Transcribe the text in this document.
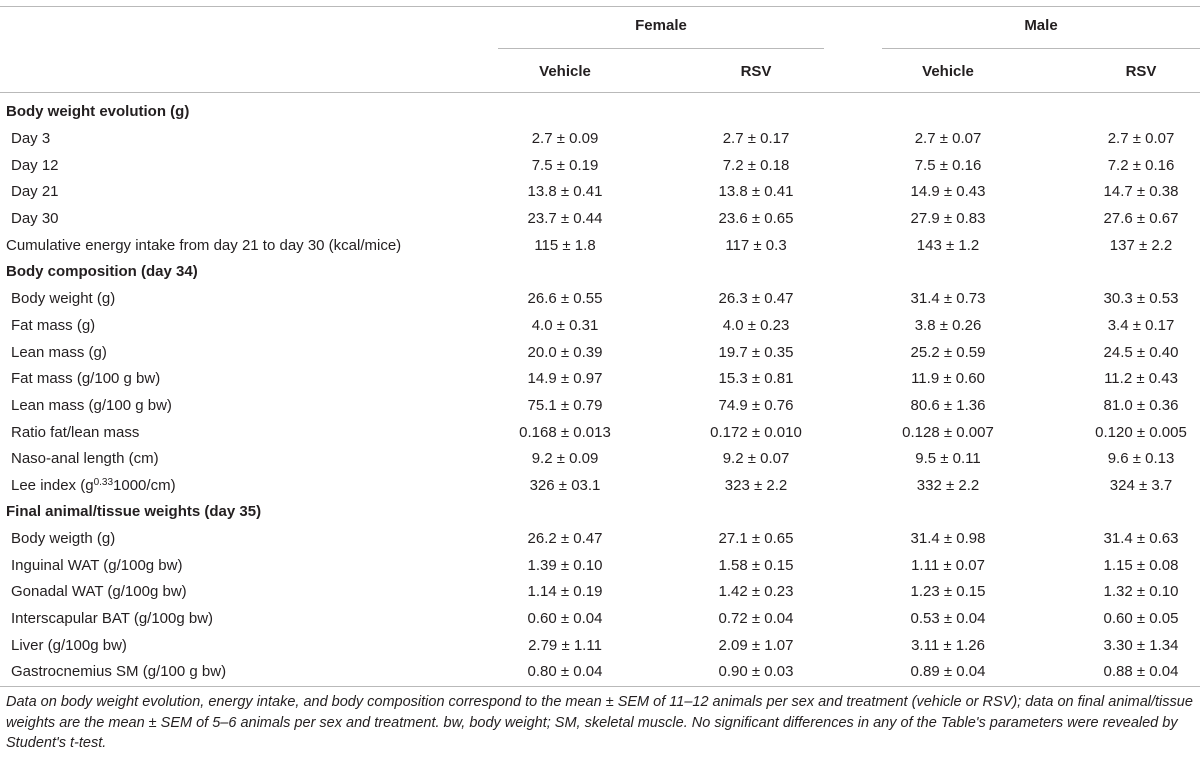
Female	Male
Vehicle	RSV	Vehicle	RSV
Body weight evolution (g)
Day 3	2.7 ± 0.09	2.7 ± 0.17	2.7 ± 0.07	2.7 ± 0.07
Day 12	7.5 ± 0.19	7.2 ± 0.18	7.5 ± 0.16	7.2 ± 0.16
Day 21	13.8 ± 0.41	13.8 ± 0.41	14.9 ± 0.43	14.7 ± 0.38
Day 30	23.7 ± 0.44	23.6 ± 0.65	27.9 ± 0.83	27.6 ± 0.67
Cumulative energy intake from day 21 to day 30 (kcal/mice)	115 ± 1.8	117 ± 0.3	143 ± 1.2	137 ± 2.2
Body composition (day 34)
Body weight (g)	26.6 ± 0.55	26.3 ± 0.47	31.4 ± 0.73	30.3 ± 0.53
Fat mass (g)	4.0 ± 0.31	4.0 ± 0.23	3.8 ± 0.26	3.4 ± 0.17
Lean mass (g)	20.0 ± 0.39	19.7 ± 0.35	25.2 ± 0.59	24.5 ± 0.40
Fat mass (g/100 g bw)	14.9 ± 0.97	15.3 ± 0.81	11.9 ± 0.60	11.2 ± 0.43
Lean mass (g/100 g bw)	75.1 ± 0.79	74.9 ± 0.76	80.6 ± 1.36	81.0 ± 0.36
Ratio fat/lean mass	0.168 ± 0.013	0.172 ± 0.010	0.128 ± 0.007	0.120 ± 0.005
Naso-anal length (cm)	9.2 ± 0.09	9.2 ± 0.07	9.5 ± 0.11	9.6 ± 0.13
Lee index $(g^{0.33}1000/cm)$	326 ± 03.1	323 ± 2.2	332 ± 2.2	324 ± 3.7
Final animal/tissue weights (day 35)
Body weigth (g)	26.2 ± 0.47	27.1 ± 0.65	31.4 ± 0.98	31.4 ± 0.63
Inguinal WAT (g/100g bw)	1.39 ± 0.10	1.58 ± 0.15	1.11 ± 0.07	1.15 ± 0.08
Gonadal WAT (g/100g bw)	1.14 ± 0.19	1.42 ± 0.23	1.23 ± 0.15	1.32 ± 0.10
Interscapular BAT (g/100g bw)	0.60 ± 0.04	0.72 ± 0.04	0.53 ± 0.04	0.60 ± 0.05
Liver (g/100g bw)	2.79 ± 1.11	2.09 ± 1.07	3.11 ± 1.26	3.30 ± 1.34
Gastrocnemius SM (g/100 g bw)	0.80 ± 0.04	0.90 ± 0.03	0.89 ± 0.04	0.88 ± 0.04
Data on body weight evolution, energy intake, and body composition correspond to the mean ± SEM of 11–12 animals per sex and treatment (vehicle or RSV); data on final animal/tissue weights are the mean ± SEM of 5–6 animals per sex and treatment. bw, body weight; SM, skeletal muscle. No significant differences in any of the Table's parameters were revealed by Student's t-test.
